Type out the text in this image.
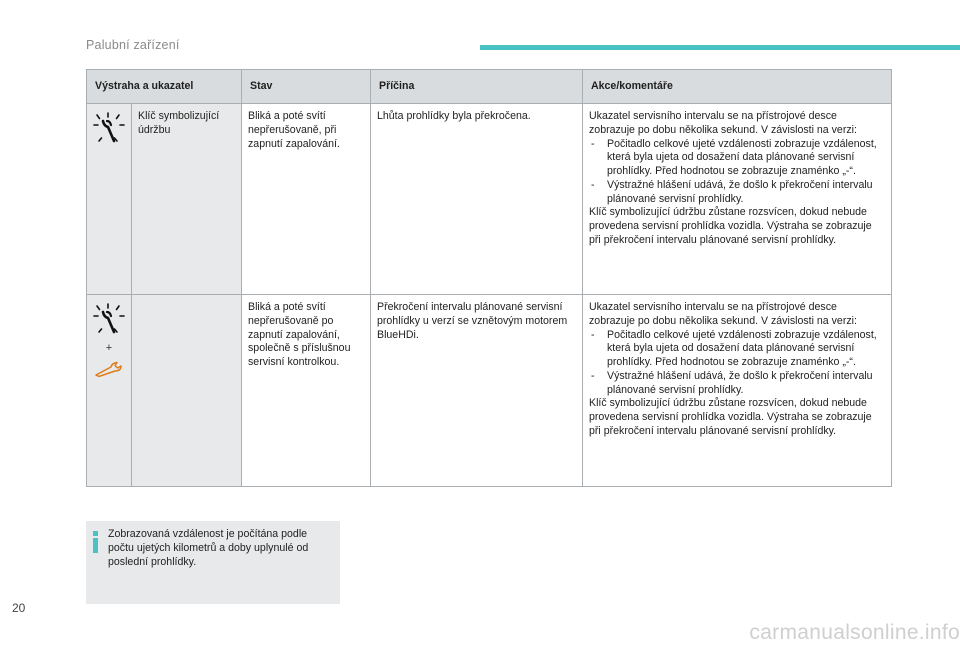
Palubní zařízení
Výstraha a ukazatel		Stav	Příčina	Akce/komentáře

	Klíč symbolizující údržbu	Bliká a poté svítí nepřerušovaně, při zapnutí zapalování.	Lhůta prohlídky byla překročena.	Ukazatel servisního intervalu se na přístrojové desce zobrazuje po dobu několika sekund. V závislosti na verzi:
- Počitadlo celkové ujeté vzdálenosti zobrazuje vzdálenost, která byla ujeta od dosažení data plánované servisní prohlídky. Před hodnotou se zobrazuje znaménko „-“.
- Výstražné hlášení udává, že došlo k překročení intervalu plánované servisní prohlídky.
Klíč symbolizující údržbu zůstane rozsvícen, dokud nebude provedena servisní prohlídka vozidla. Výstraha se zobrazuje při překročení intervalu plánované servisní prohlídky.

+		Bliká a poté svítí nepřerušovaně po zapnutí zapalování, společně s příslušnou servisní kontrolkou.	Překročení intervalu plánované servisní prohlídky u verzí se vznětovým motorem BlueHDi.	Ukazatel servisního intervalu se na přístrojové desce zobrazuje po dobu několika sekund. V závislosti na verzi:
- Počitadlo celkové ujeté vzdálenosti zobrazuje vzdálenost, která byla ujeta od dosažení data plánované servisní prohlídky. Před hodnotou se zobrazuje znaménko „-“.
- Výstražné hlášení udává, že došlo k překročení intervalu plánované servisní prohlídky.
Klíč symbolizující údržbu zůstane rozsvícen, dokud nebude provedena servisní prohlídka vozidla. Výstraha se zobrazuje při překročení intervalu plánované servisní prohlídky.
Zobrazovaná vzdálenost je počítána podle počtu ujetých kilometrů a doby uplynulé od poslední prohlídky.
20
carmanualsonline.info
